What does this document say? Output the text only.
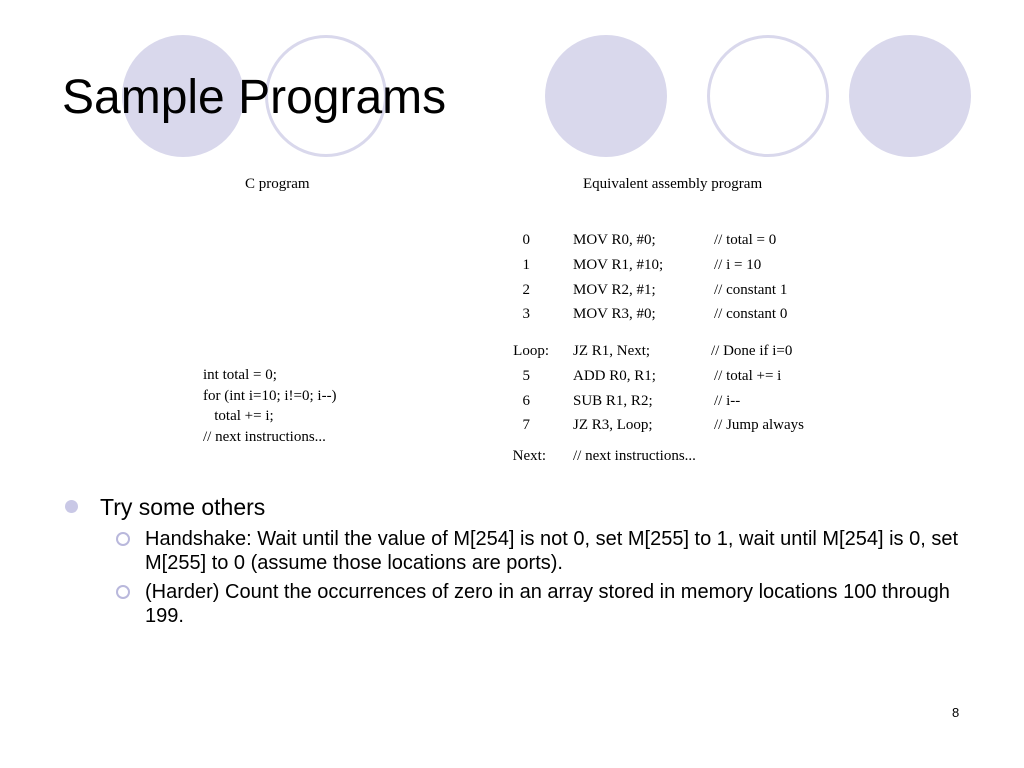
Sample Programs
C program	Equivalent assembly program
int total = 0;
for (int i=10; i!=0; i--)
total += i;
// next instructions...
0	MOV R0, #0;	// total = 0
1	MOV R1, #10;	// i = 10
2	MOV R2, #1;	// constant 1
3	MOV R3, #0;	// constant 0
Loop: JZ R1, Next;	// Done if i=0
5	ADD R0, R1;	// total += i
6	SUB R1, R2;	// i--
7	JZ R3, Loop;	// Jump always
Next: // next instructions...
Try some others
Handshake: Wait until the value of M[254] is not 0, set M[255] to 1, wait until M[254] is 0, set M[255] to 0 (assume those locations are ports).
(Harder) Count the occurrences of zero in an array stored in memory locations 100 through 199.
8
